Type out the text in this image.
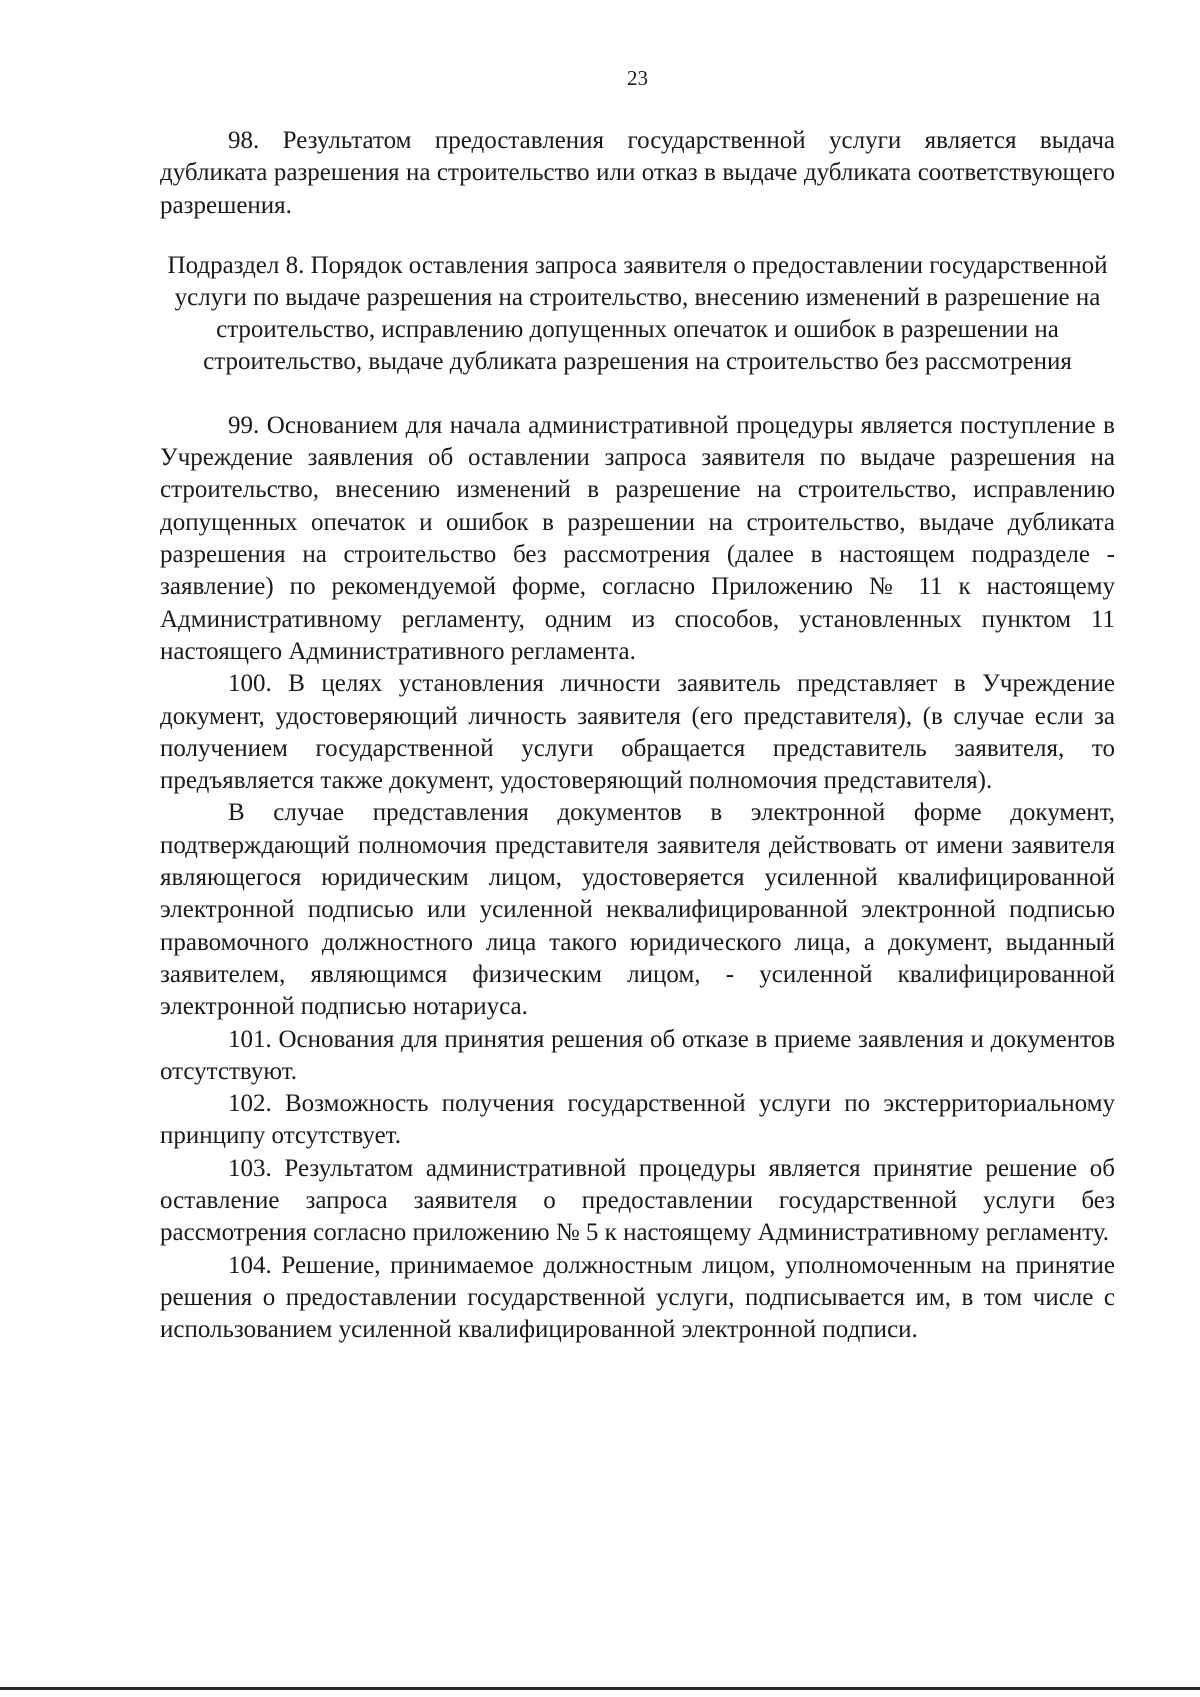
23

98. Результатом предоставления государственной услуги является выдача дубликата разрешения на строительство или отказ в выдаче дубликата соответствующего разрешения.

Подраздел 8. Порядок оставления запроса заявителя о предоставлении государственной услуги по выдаче разрешения на строительство, внесению изменений в разрешение на строительство, исправлению допущенных опечаток и ошибок в разрешении на строительство, выдаче дубликата разрешения на строительство без рассмотрения

99. Основанием для начала административной процедуры является поступление в Учреждение заявления об оставлении запроса заявителя по выдаче разрешения на строительство, внесению изменений в разрешение на строительство, исправлению допущенных опечаток и ошибок в разрешении на строительство, выдаче дубликата разрешения на строительство без рассмотрения (далее в настоящем подразделе - заявление) по рекомендуемой форме, согласно Приложению № 11 к настоящему Административному регламенту, одним из способов, установленных пунктом 11 настоящего Административного регламента.

100. В целях установления личности заявитель представляет в Учреждение документ, удостоверяющий личность заявителя (его представителя), (в случае если за получением государственной услуги обращается представитель заявителя, то предъявляется также документ, удостоверяющий полномочия представителя).

В случае представления документов в электронной форме документ, подтверждающий полномочия представителя заявителя действовать от имени заявителя являющегося юридическим лицом, удостоверяется усиленной квалифицированной электронной подписью или усиленной неквалифицированной электронной подписью правомочного должностного лица такого юридического лица, а документ, выданный заявителем, являющимся физическим лицом, - усиленной квалифицированной электронной подписью нотариуса.

101. Основания для принятия решения об отказе в приеме заявления и документов отсутствуют.

102. Возможность получения государственной услуги по экстерриториальному принципу отсутствует.

103. Результатом административной процедуры является принятие решение об оставление запроса заявителя о предоставлении государственной услуги без рассмотрения согласно приложению № 5 к настоящему Административному регламенту.

104. Решение, принимаемое должностным лицом, уполномоченным на принятие решения о предоставлении государственной услуги, подписывается им, в том числе с использованием усиленной квалифицированной электронной подписи.
